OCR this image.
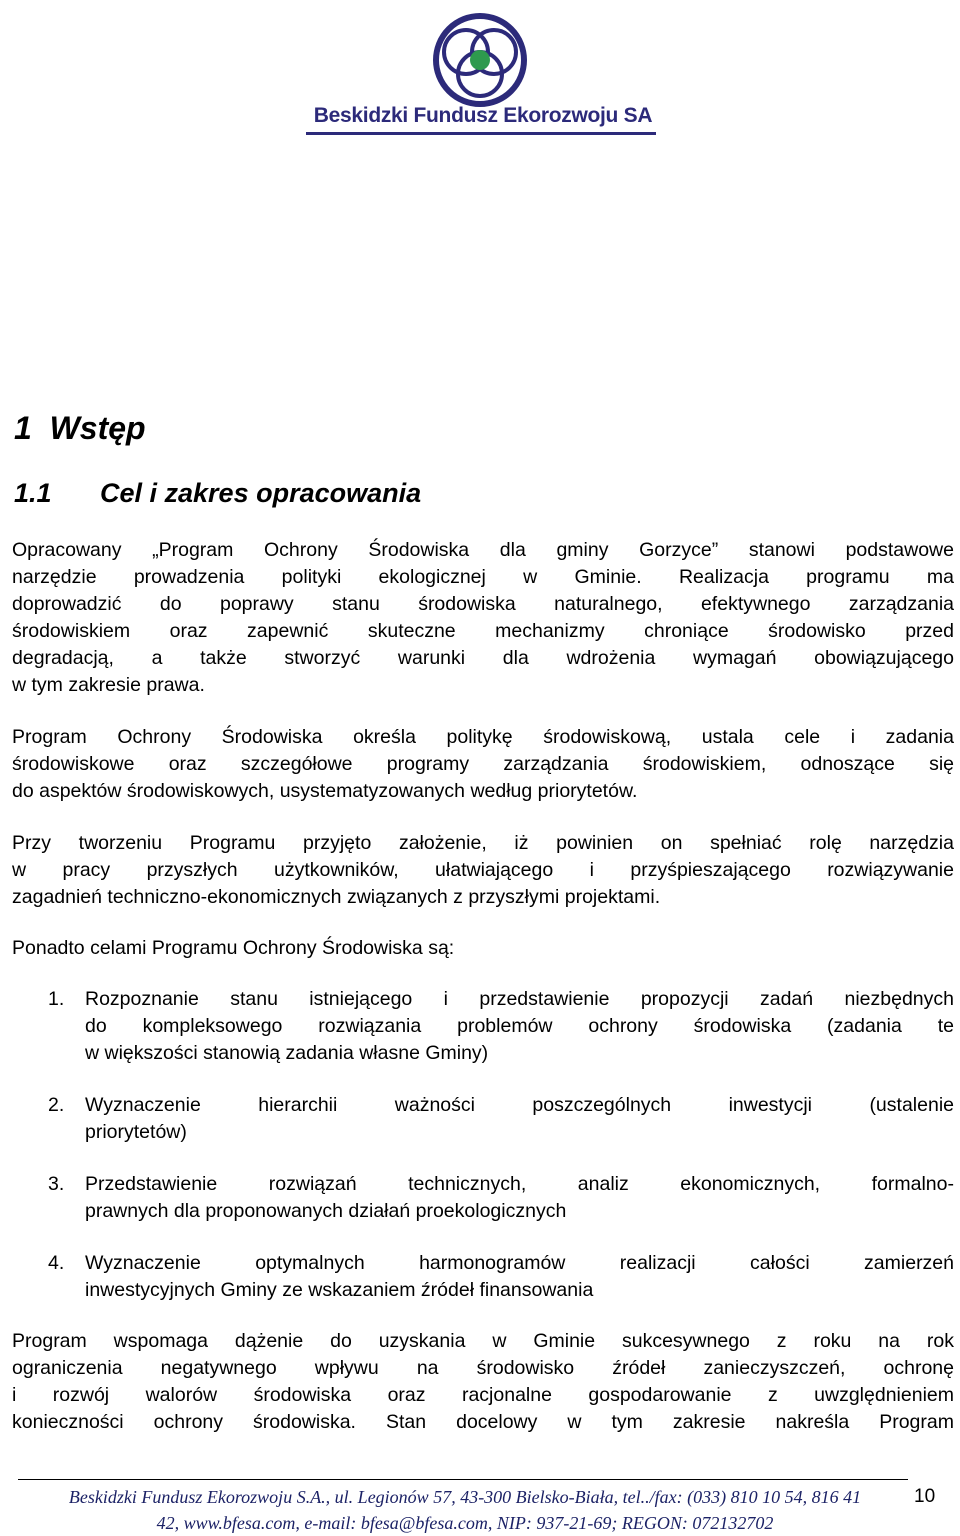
Beskidzki Fundusz Ekorozwoju SA
1 Wstęp
1.1 Cel i zakres opracowania
Opracowany „Program Ochrony Środowiska dla gminy Gorzyce” stanowi podstawowe
narzędzie prowadzenia polityki ekologicznej w Gminie. Realizacja programu ma
doprowadzić do poprawy stanu środowiska naturalnego, efektywnego zarządzania
środowiskiem oraz zapewnić skuteczne mechanizmy chroniące środowisko przed
degradacją, a także stworzyć warunki dla wdrożenia wymagań obowiązującego
w tym zakresie prawa.
Program Ochrony Środowiska określa politykę środowiskową, ustala cele i zadania
środowiskowe oraz szczegółowe programy zarządzania środowiskiem, odnoszące się
do aspektów środowiskowych, usystematyzowanych według priorytetów.
Przy tworzeniu Programu przyjęto założenie, iż powinien on spełniać rolę narzędzia
w pracy przyszłych użytkowników, ułatwiającego i przyśpieszającego rozwiązywanie
zagadnień techniczno-ekonomicznych związanych z przyszłymi projektami.
Ponadto celami Programu Ochrony Środowiska są:
1. Rozpoznanie stanu istniejącego i przedstawienie propozycji zadań niezbędnych
do kompleksowego rozwiązania problemów ochrony środowiska (zadania te
w większości stanowią zadania własne Gminy)
2. Wyznaczenie hierarchii ważności poszczególnych inwestycji (ustalenie
priorytetów)
3. Przedstawienie rozwiązań technicznych, analiz ekonomicznych, formalno-
prawnych dla proponowanych działań proekologicznych
4. Wyznaczenie optymalnych harmonogramów realizacji całości zamierzeń
inwestycyjnych Gminy ze wskazaniem źródeł finansowania
Program wspomaga dążenie do uzyskania w Gminie sukcesywnego z roku na rok
ograniczenia negatywnego wpływu na środowisko źródeł zanieczyszczeń, ochronę
i rozwój walorów środowiska oraz racjonalne gospodarowanie z uwzględnieniem
konieczności ochrony środowiska. Stan docelowy w tym zakresie nakreśla Program
Beskidzki Fundusz Ekorozwoju S.A., ul. Legionów 57, 43-300 Bielsko-Biała, tel../fax: (033) 810 10 54, 816 41
42, www.bfesa.com, e-mail: bfesa@bfesa.com, NIP: 937-21-69; REGON: 072132702
10
